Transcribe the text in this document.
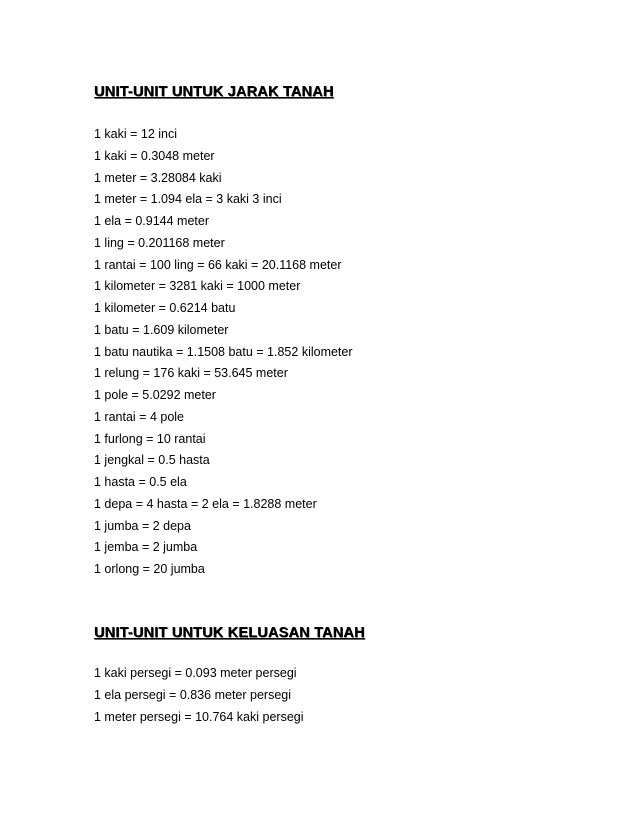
UNIT-UNIT UNTUK JARAK TANAH
1 kaki = 12 inci
1 kaki = 0.3048 meter
1 meter = 3.28084 kaki
1 meter = 1.094 ela = 3 kaki 3 inci
1 ela = 0.9144 meter
1 ling = 0.201168 meter
1 rantai = 100 ling = 66 kaki = 20.1168 meter
1 kilometer = 3281 kaki = 1000 meter
1 kilometer = 0.6214 batu
1 batu = 1.609 kilometer
1 batu nautika = 1.1508 batu = 1.852 kilometer
1 relung = 176 kaki = 53.645 meter
1 pole = 5.0292 meter
1 rantai = 4 pole
1 furlong = 10 rantai
1 jengkal = 0.5 hasta
1 hasta = 0.5 ela
1 depa = 4 hasta = 2 ela = 1.8288 meter
1 jumba = 2 depa
1 jemba = 2 jumba
1 orlong = 20 jumba
UNIT-UNIT UNTUK KELUASAN TANAH
1 kaki persegi = 0.093 meter persegi
1 ela persegi = 0.836 meter persegi
1 meter persegi = 10.764 kaki persegi
